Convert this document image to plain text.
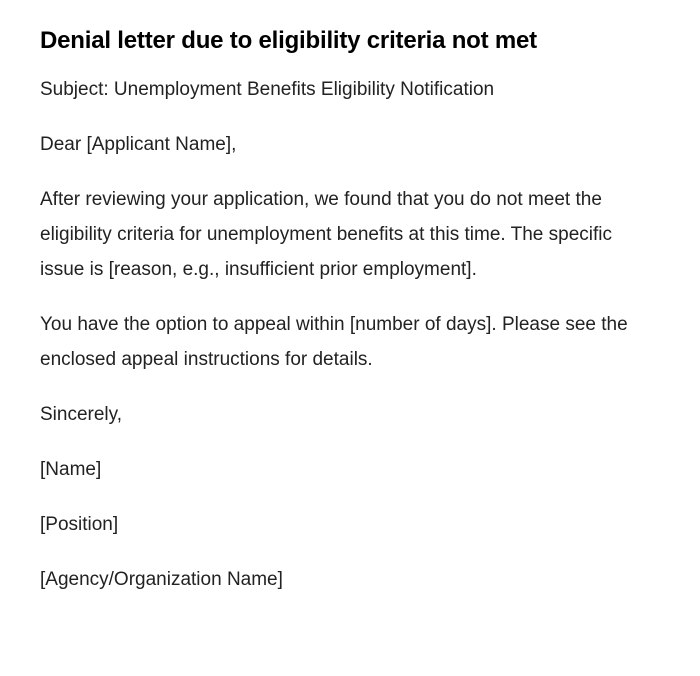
Denial letter due to eligibility criteria not met

Subject: Unemployment Benefits Eligibility Notification

Dear [Applicant Name],

After reviewing your application, we found that you do not meet the eligibility criteria for unemployment benefits at this time. The specific issue is [reason, e.g., insufficient prior employment].

You have the option to appeal within [number of days]. Please see the enclosed appeal instructions for details.

Sincerely,

[Name]

[Position]

[Agency/Organization Name]
